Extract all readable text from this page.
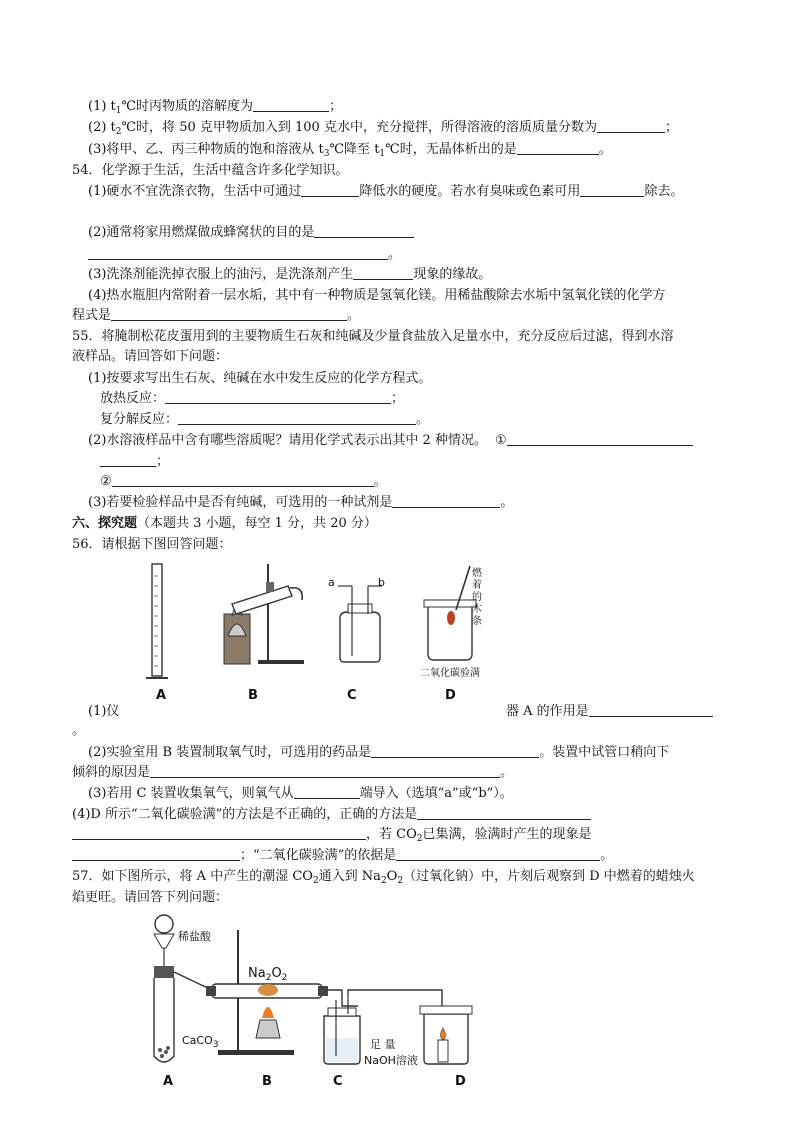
(1) $t_1℃$时丙物质的溶解度为	；
(2) $t_2℃$时，将 50 克甲物质加入到 100 克水中，充分搅拌，所得溶液的溶质质量分数为	；
(3)将甲、乙、丙三种物质的饱和溶液从 $t_3℃$降至 $t_1℃$时，无晶体析出的是	。
54．化学源于生活，生活中蕴含许多化学知识。
(1)硬水不宜洗涤衣物，生活中可通过	降低水的硬度。若水有臭味或色素可用	除去。
(2)通常将家用燃煤做成蜂窝状的目的是
。
(3)洗涤剂能洗掉衣服上的油污，是洗涤剂产生	现象的缘故。
(4)热水瓶胆内常附着一层水垢，其中有一种物质是氢氧化镁。用稀盐酸除去水垢中氢氧化镁的化学方
程式是	。
55．将腌制松花皮蛋用到的主要物质生石灰和纯碱及少量食盐放入足量水中，充分反应后过滤，得到水溶
液样品。请回答如下问题：
(1)按要求写出生石灰、纯碱在水中发生反应的化学方程式。
放热反应：	；
复分解反应：	。
(2)水溶液样品中含有哪些溶质呢？请用化学式表示出其中 2 种情况。 ①
；
②	。
(3)若要检验样品中是否有纯碱，可选用的一种试剂是	。
六、探究题（本题共 3 小题，每空 1 分，共 20 分）
56．请根据下图回答问题：
a	b
燃着的木条
二氧化碳验满
A	B	C	D
(1)仪	器 A 的作用是
。
(2)实验室用 B 装置制取氧气时，可选用的药品是	。装置中试管口稍向下
倾斜的原因是	。
(3)若用 C 装置收集氧气，则氧气从	端导入（选填“a”或“b”）。
(4)D 所示“二氧化碳验满”的方法是不正确的，正确的方法是
，若 $CO_2$已集满，验满时产生的现象是
；“二氧化碳验满”的依据是	。
57．如下图所示，将 A 中产生的潮湿 $CO_2$通入到 $Na_2O_2$（过氧化钠）中，片刻后观察到 D 中燃着的蜡烛火
焰更旺。请回答下列问题：
稀盐酸
CaCO$_3$
$Na_2O_2$
足 量
NaOH溶液
A	B	C	D
